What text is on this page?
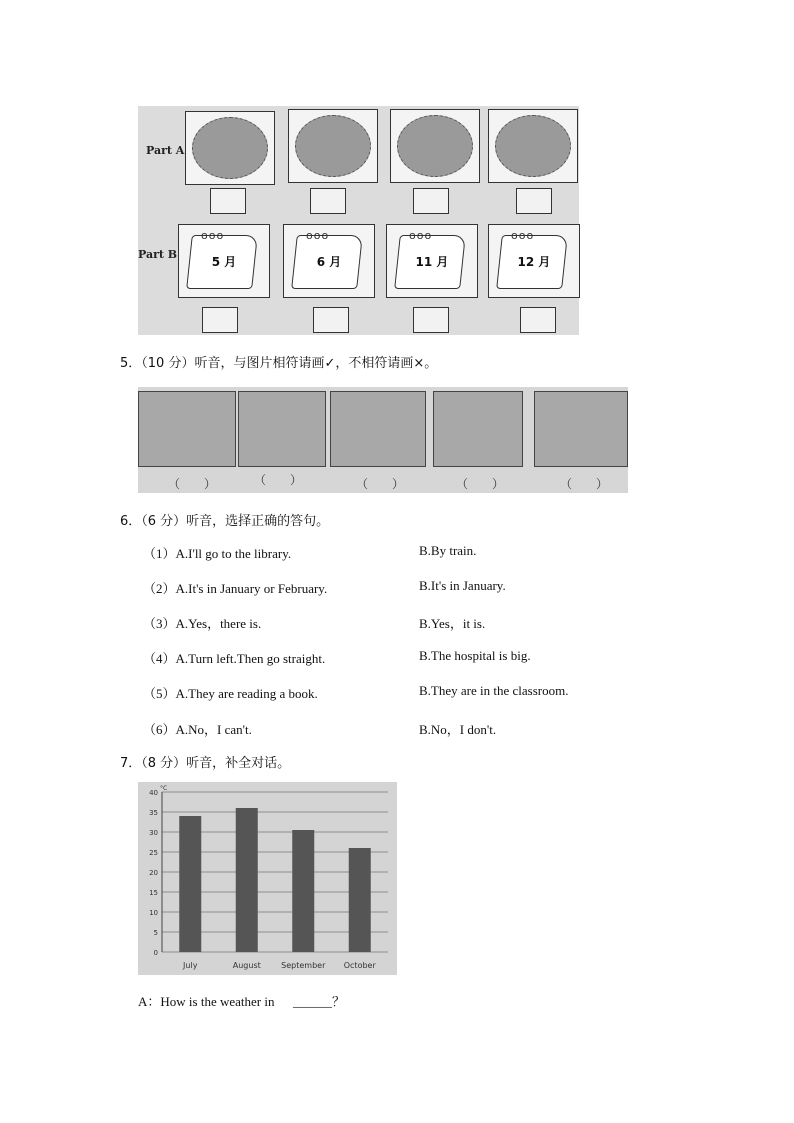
Part A
Part B
ᴏᴏᴏ
5 月
ᴏᴏᴏ
6 月
ᴏᴏᴏ
11 月
ᴏᴏᴏ
12 月
5．（10 分）听音，与图片相符请画✓，不相符请画×。
（　　）	（　　）	（　　）	（　　）	（　　）
6．（6 分）听音，选择正确的答句。
（1）A.I'll go to the library.	B.By train.
（2）A.It's in January or February.	B.It's in January.
（3）A.Yes，there is.	B.Yes，it is.
（4）A.Turn left.Then go straight.	B.The hospital is big.
（5）A.They are reading a book.	B.They are in the classroom.
（6）A.No，I can't.	B.No，I don't.
7．（8 分）听音，补全对话。
0
5
10
15
20
25
30
35
40
°C
July	August	September October
A：How is the weather in ______？
